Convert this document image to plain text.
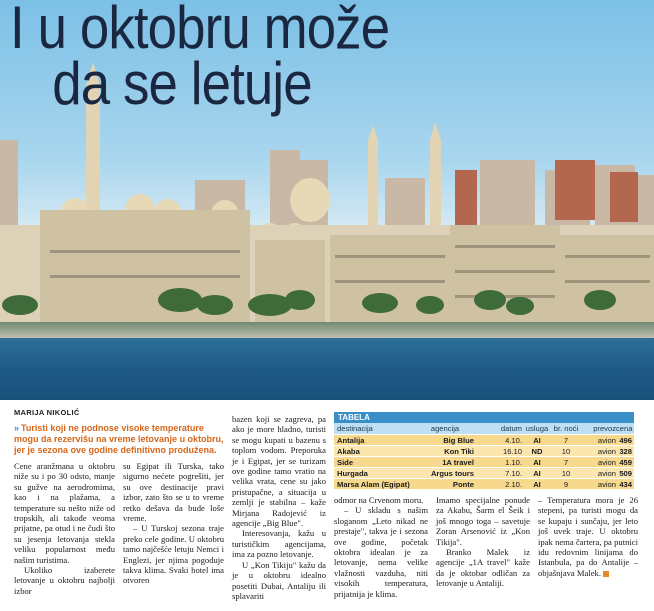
I u oktobru može
da se letuje
MARIJA NIKOLIĆ
» Turisti koji ne podnose visoke temperature mogu da rezervišu na vreme letovanje u oktobru, jer je sezona ove godine definitivno produžena.

Cene aranžmana u oktobru niže su i po 30 odsto, manje su gužve na aerodromima, kao i na plažama, a temperature su nešto niže od tropskih, ali takođe veoma prijatne, pa otud i ne čudi što su jesenja letovanja stekla veliku popularnost među našim turistima.

Ukoliko izaberete letovanje u oktobru najbolji izbor

su Egipat ili Turska, tako sigurno nećete pogrešiti, jer su ove destinacije pravi izbor, zato što se u to vreme retko dešava da bude loše vreme.

– U Turskoj sezona traje preko cele godine. U oktobru tamo najčešće letuju Nemci i Englezi, jer njima pogoduje takva klima. Svaki hotel ima otvoren

bazen koji se zagreva, pa ako je more hladno, turisti se mogu kupati u bazenu s toplom vodom. Preporuka je i Egipat, jer se turizam ove godine tamo vratio na velika vrata, cene su jako pristupačne, a situacija u zemlji je stabilna – kaže Mirjana Radojević iz agencije „Big Blue".

Interesovanja, kažu u turističkim agencijama, ima za pozno letovanje.

U „Kon Tikiju" kažu da je u oktobru idealno posetiti Dubai, Antaliju ili splavariti

TABELA
destinacija	agencija	datum usluga br. noći	prevoz cena
Antalija	Big Blue	4.10.	AI	7	avion 496
Akaba	Kon Tiki	16.10	ND	10	avion 328
Side	1A travel	1.10.	AI	7	avion 459
Hurgada	Argus tours	7.10.	AI	10	avion 509
Marsa Alam (Egipat)	Ponte	2.10.	AI	9	avion 434

odmor na Crvenom moru.

– U skladu s našim sloganom „Leto nikad ne prestaje", takva je i sezona ove godine, početak oktobra idealan je za letovanje, nema velike vlažnosti vazduha, niti visokih temperatura, prijatnija je klima.

Imamo specijalne ponude za Akabu, Šarm el Šeik i još mnogo toga – savetuje Zoran Arsenović iz „Kon Tikija".

Branko Malek iz agencije „1A travel" kaže da je oktobar odličan za letovanje u Antaliji.

– Temperatura mora je 26 stepeni, pa turisti mogu da se kupaju i sunčaju, jer leto još uvek traje. U oktobru ipak nema čartera, pa putnici idu redovnim linijama do Istanbula, pa do Antalije – objašnjava Malek.
